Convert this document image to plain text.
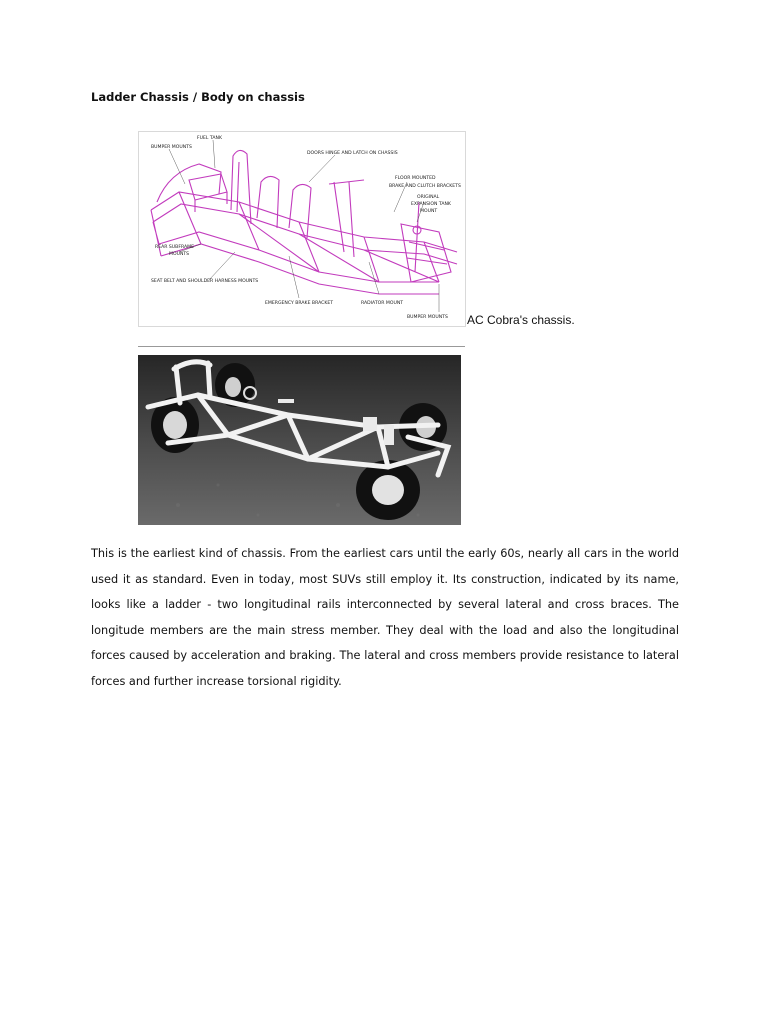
Ladder Chassis / Body on chassis
FUEL TANK
BUMPER MOUNTS
DOORS HINGE AND LATCH ON CHASSIS
FLOOR MOUNTED
BRAKE AND CLUTCH BRACKETS
ORIGINAL
EXPANSION TANK
MOUNT
REAR SUBFRAME
MOUNTS
SEAT BELT AND SHOULDER HARNESS MOUNTS
EMERGENCY BRAKE BRACKET	RADIATOR MOUNT
BUMPER MOUNTS AC Cobra's chassis.

This is the earliest kind of chassis. From the earliest cars until the early 60s, nearly all cars in the world used it as standard. Even in today, most SUVs still employ it. Its construction, indicated by its name, looks like a ladder - two longitudinal rails interconnected by several lateral and cross braces. The longitude members are the main stress member. They deal with the load and also the longitudinal forces caused by acceleration and braking. The lateral and cross members provide resistance to lateral forces and further increase torsional rigidity.
